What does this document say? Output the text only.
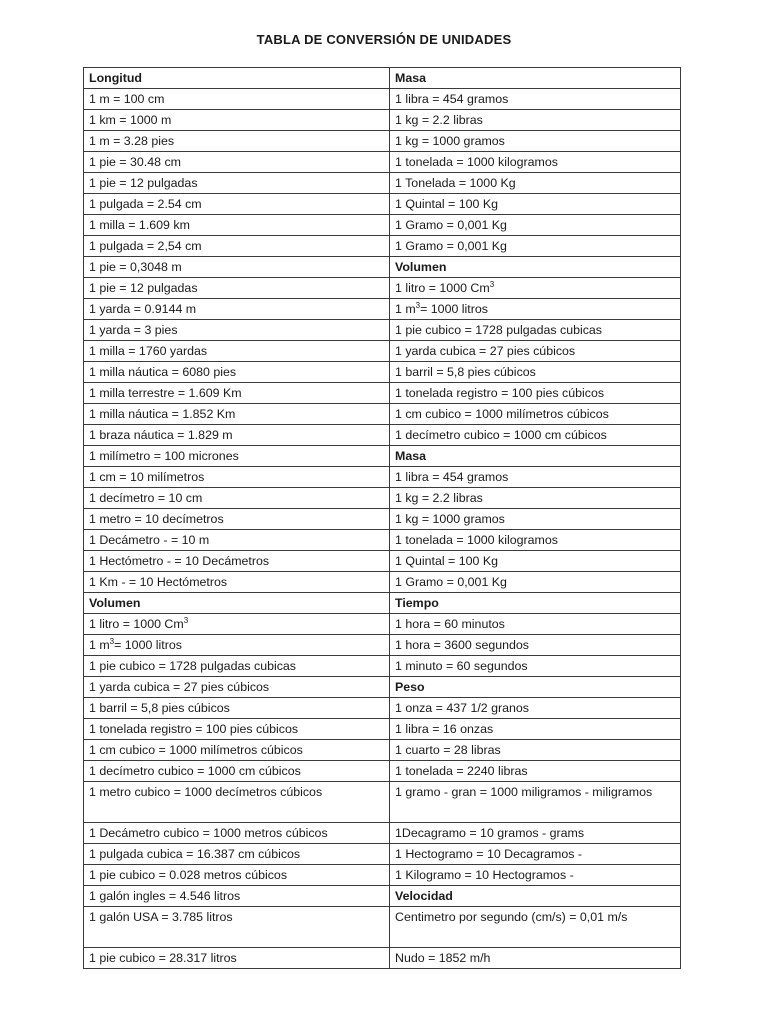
TABLA DE CONVERSIÓN DE UNIDADES
Longitud	Masa
1 m = 100 cm	1 libra = 454 gramos
1 km = 1000 m	1 kg = 2.2 libras
1 m = 3.28 pies	1 kg = 1000 gramos
1 pie = 30.48 cm	1 tonelada = 1000 kilogramos
1 pie = 12 pulgadas	1 Tonelada = 1000 Kg
1 pulgada = 2.54 cm	1 Quintal = 100 Kg
1 milla = 1.609 km	1 Gramo = 0,001 Kg
1 pulgada = 2,54 cm	1 Gramo = 0,001 Kg
1 pie = 0,3048 m	Volumen
1 pie = 12 pulgadas	1 litro = 1000 Cm$^3$
1 yarda = 0.9144 m	1 $m^3= 1000$ litros
1 yarda = 3 pies	1 pie cubico = 1728 pulgadas cubicas
1 milla = 1760 yardas	1 yarda cubica = 27 pies cúbicos
1 milla náutica = 6080 pies	1 barril = 5,8 pies cúbicos
1 milla terrestre = 1.609 Km	1 tonelada registro = 100 pies cúbicos
1 milla náutica = 1.852 Km	1 cm cubico = 1000 milímetros cúbicos
1 braza náutica = 1.829 m	1 decímetro cubico = 1000 cm cúbicos
1 milímetro = 100 micrones	Masa
1 cm = 10 milímetros	1 libra = 454 gramos
1 decímetro = 10 cm	1 kg = 2.2 libras
1 metro = 10 decímetros	1 kg = 1000 gramos
1 Decámetro - = 10 m	1 tonelada = 1000 kilogramos
1 Hectómetro - = 10 Decámetros	1 Quintal = 100 Kg
1 Km - = 10 Hectómetros	1 Gramo = 0,001 Kg
Volumen	Tiempo
1 litro = 1000 Cm$^3$	1 hora = 60 minutos
1 $m^3= 1000$ litros	1 hora = 3600 segundos
1 pie cubico = 1728 pulgadas cubicas	1 minuto = 60 segundos
1 yarda cubica = 27 pies cúbicos	Peso
1 barril = 5,8 pies cúbicos	1 onza = 437 1/2 granos
1 tonelada registro = 100 pies cúbicos	1 libra = 16 onzas
1 cm cubico = 1000 milímetros cúbicos	1 cuarto = 28 libras
1 decímetro cubico = 1000 cm cúbicos	1 tonelada = 2240 libras
1 metro cubico = 1000 decímetros cúbicos	1 gramo - gran = 1000 miligramos - miligramos
1 Decámetro cubico = 1000 metros cúbicos	1Decagramo = 10 gramos - grams
1 pulgada cubica = 16.387 cm cúbicos	1 Hectogramo = 10 Decagramos -
1 pie cubico = 0.028 metros cúbicos	1 Kilogramo = 10 Hectogramos -
1 galón ingles = 4.546 litros	Velocidad
1 galón USA = 3.785 litros	Centimetro por segundo (cm/s) = 0,01 m/s
1 pie cubico = 28.317 litros	Nudo = 1852 m/h
